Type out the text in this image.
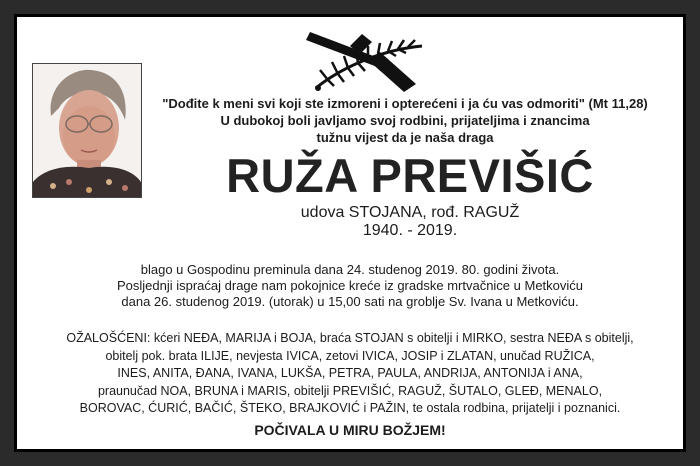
"Dođite k meni svi koji ste izmoreni i opterećeni i ja ću vas odmoriti" (Mt 11,28)
U dubokoj boli javljamo svoj rodbini, prijateljima i znancima
tužnu vijest da je naša draga
RUŽA PREVIŠIĆ
udova STOJANA, rođ. RAGUŽ
1940. - 2019.
blago u Gospodinu preminula dana 24. studenog 2019. 80. godini života.
Posljednji ispraćaj drage nam pokojnice kreće iz gradske mrtvačnice u Metkoviću
dana 26. studenog 2019. (utorak) u 15,00 sati na groblje Sv. Ivana u Metkoviću.
OŽALOŠĆENI: kćeri NEĐA, MARIJA i BOJA, braća STOJAN s obitelji i MIRKO, sestra NEĐA s obitelji,
obitelj pok. brata ILIJE, nevjesta IVICA, zetovi IVICA, JOSIP i ZLATAN, unučad RUŽICA,
INES, ANITA, ĐANA, IVANA, LUKŠA, PETRA, PAULA, ANDRIJA, ANTONIJA i ANA,
praunučad NOA, BRUNA i MARIS, obitelji PREVIŠIĆ, RAGUŽ, ŠUTALO, GLEĐ, MENALO,
BOROVAC, ĆURIĆ, BAČIĆ, ŠTEKO, BRAJKOVIĆ i PAŽIN, te ostala rodbina, prijatelji i poznanici.
POČIVALA U MIRU BOŽJEM!
